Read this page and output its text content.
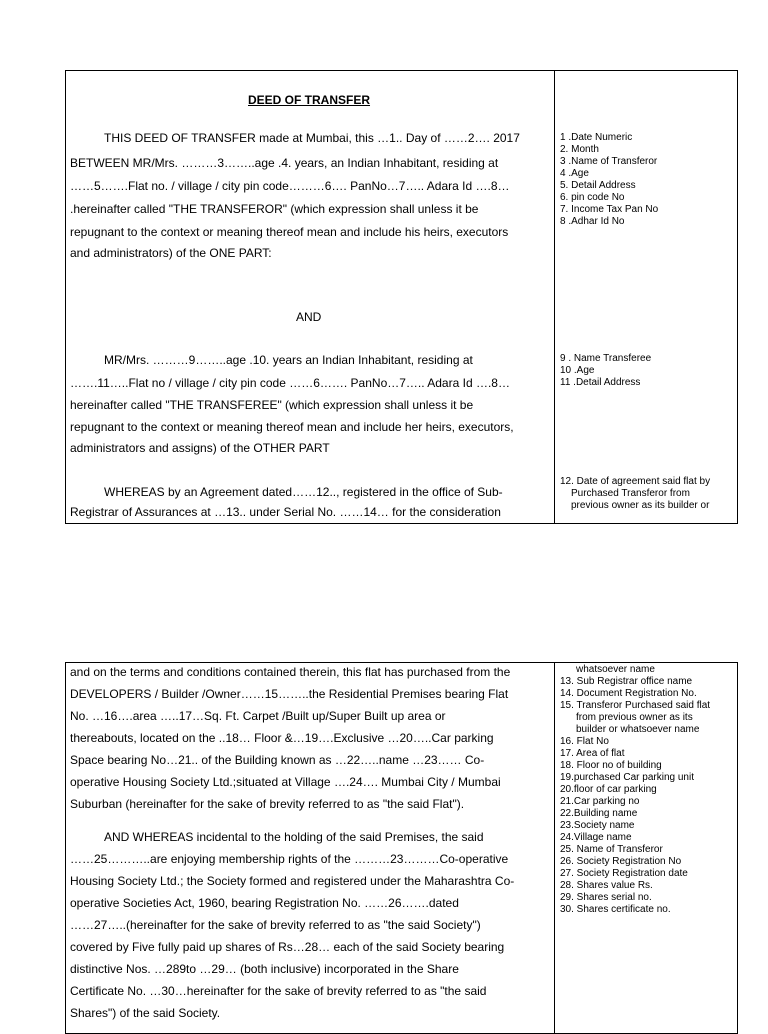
DEED OF TRANSFER
THIS DEED OF TRANSFER made at Mumbai, this …1.. Day of ……2…. 2017
BETWEEN MR/Mrs. ………3……..age .4. years, an Indian Inhabitant, residing at
……5…….Flat no. / village / city pin code………6…. PanNo…7….. Adara Id ….8…
.hereinafter called "THE TRANSFEROR" (which expression shall unless it be
repugnant to the context or meaning thereof mean and include his heirs, executors
and administrators) of the ONE PART:
AND
MR/Mrs. ………9……..age .10. years an Indian Inhabitant, residing at
…….11…..Flat no / village / city pin code ……6……. PanNo…7….. Adara Id ….8…
hereinafter called "THE TRANSFEREE" (which expression shall unless it be
repugnant to the context or meaning thereof mean and include her heirs, executors,
administrators and assigns) of the OTHER PART
WHEREAS by an Agreement dated……12.., registered in the office of Sub-
Registrar of Assurances at …13.. under Serial No. ……14… for the consideration
1 .Date Numeric
2. Month
3 .Name of Transferor
4 .Age
5. Detail Address
6. pin code No
7. Income Tax Pan No
8 .Adhar Id No
9 . Name Transferee
10 .Age
11 .Detail Address
12. Date of agreement said flat by
Purchased Transferor from
previous owner as its builder or
and on the terms and conditions contained therein, this flat has purchased from the
DEVELOPERS / Builder /Owner……15……..the Residential Premises bearing Flat
No. …16….area …..17…Sq. Ft. Carpet /Built up/Super Built up area or
thereabouts, located on the ..18… Floor &…19….Exclusive …20…..Car parking
Space bearing No…21.. of the Building known as …22…..name …23…… Co-
operative Housing Society Ltd.;situated at Village ….24…. Mumbai City / Mumbai
Suburban (hereinafter for the sake of brevity referred to as "the said Flat").
AND WHEREAS incidental to the holding of the said Premises, the said
……25………..are enjoying membership rights of the ………23………Co-operative
Housing Society Ltd.; the Society formed and registered under the Maharashtra Co-
operative Societies Act, 1960, bearing Registration No. ……26…….dated
……27…..(hereinafter for the sake of brevity referred to as "the said Society")
covered by Five fully paid up shares of Rs…28… each of the said Society bearing
distinctive Nos. …289to …29… (both inclusive) incorporated in the Share
Certificate No. …30…hereinafter for the sake of brevity referred to as "the said
Shares") of the said Society.
whatsoever name
13. Sub Registrar office name
14. Document Registration No.
15. Transferor Purchased said flat
from previous owner as its
builder or whatsoever name
16. Flat No
17. Area of flat
18. Floor no of building
19.purchased Car parking unit
20.floor of car parking
21.Car parking no
22.Building name
23.Society name
24.Village name
25. Name of Transferor
26. Society Registration No
27. Society Registration date
28. Shares value Rs.
29. Shares serial no.
30. Shares certificate no.
